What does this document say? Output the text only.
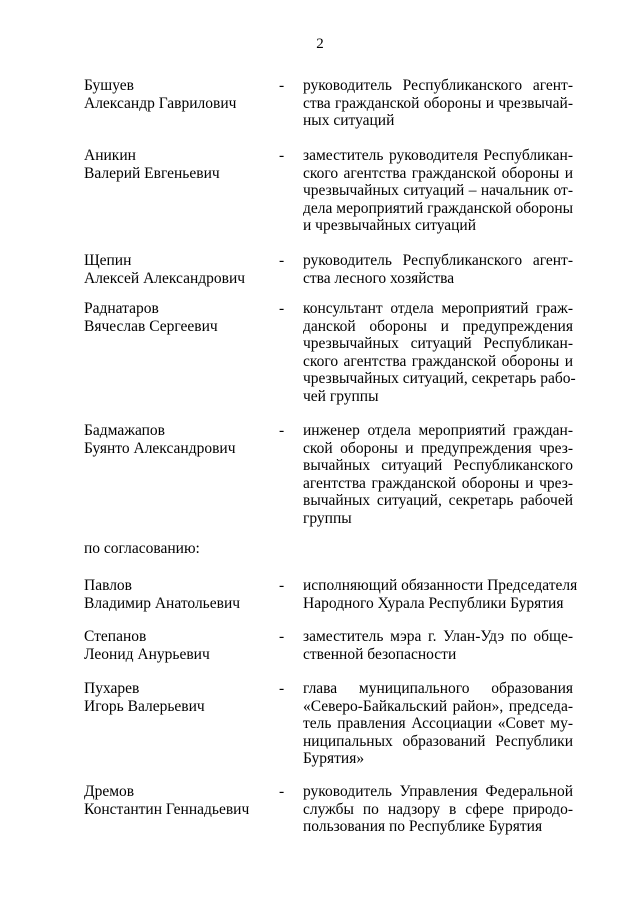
2
Бушуев
Александр Гаврилович
-	руководитель Республиканского агент-
ства гражданской обороны и чрезвычай-
ных ситуаций
Аникин
Валерий Евгеньевич
-	заместитель руководителя Республикан-
ского агентства гражданской обороны и
чрезвычайных ситуаций – начальник от-
дела мероприятий гражданской обороны
и чрезвычайных ситуаций
Щепин
Алексей Александрович
-	руководитель Республиканского агент-
ства лесного хозяйства
Раднатаров
Вячеслав Сергеевич
-	консультант отдела мероприятий граж-
данской обороны и предупреждения
чрезвычайных ситуаций Республикан-
ского агентства гражданской обороны и
чрезвычайных ситуаций, секретарь рабо-
чей группы
Бадмажапов
Буянто Александрович
-	инженер отдела мероприятий граждан-
ской обороны и предупреждения чрез-
вычайных ситуаций Республиканского
агентства гражданской обороны и чрез-
вычайных ситуаций, секретарь рабочей
группы
по согласованию:
Павлов
Владимир Анатольевич
-	исполняющий обязанности Председателя
Народного Хурала Республики Бурятия
Степанов
Леонид Анурьевич
-	заместитель мэра г. Улан-Удэ по обще-
ственной безопасности
Пухарев
Игорь Валерьевич
-	глава муниципального образования
«Северо-Байкальский район», председа-
тель правления Ассоциации «Совет му-
ниципальных образований Республики
Бурятия»
Дремов
Константин Геннадьевич
-	руководитель Управления Федеральной
службы по надзору в сфере природо-
пользования по Республике Бурятия
